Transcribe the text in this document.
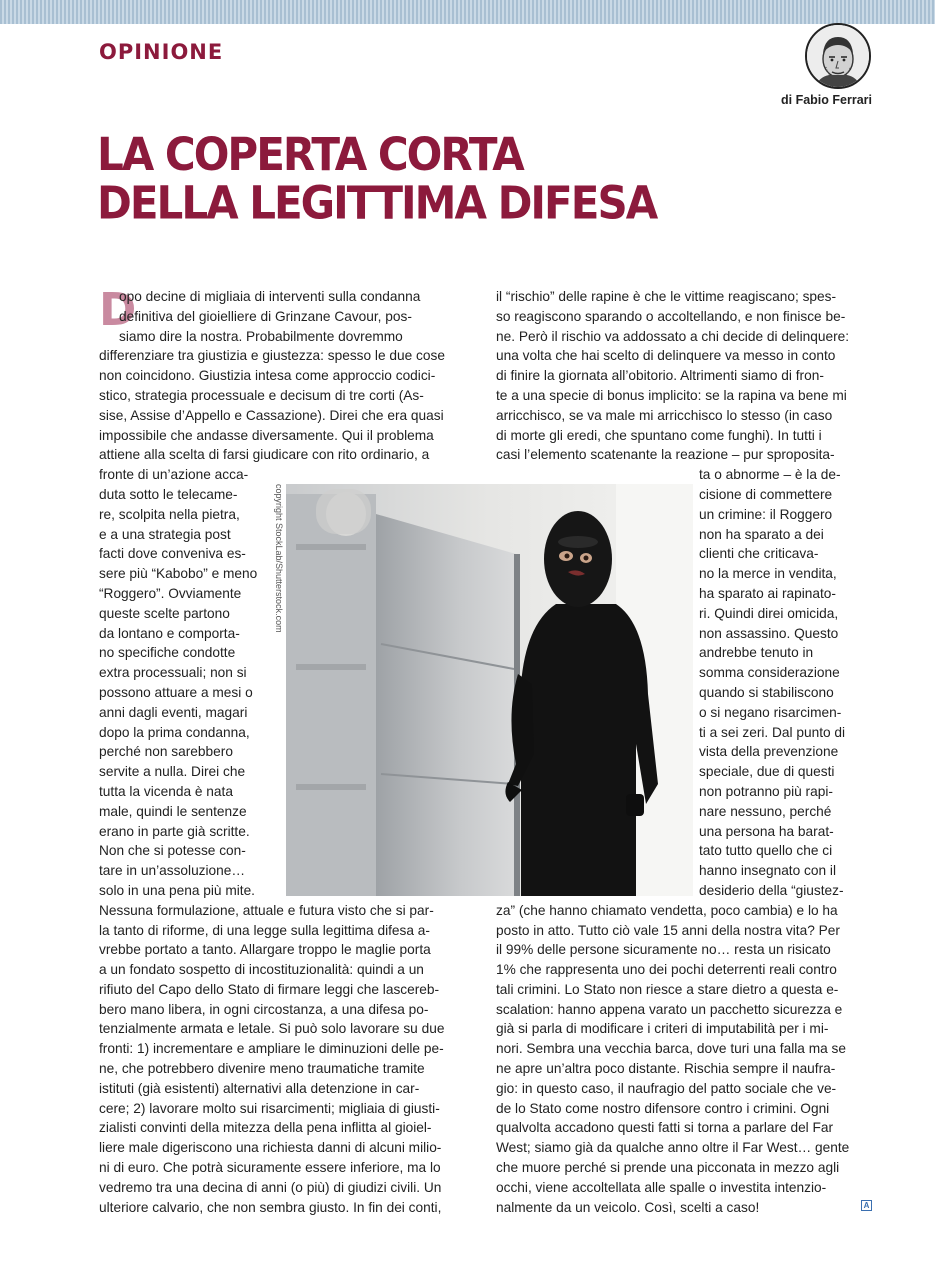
OPINIONE
di Fabio Ferrari
LA COPERTA CORTA
DELLA LEGITTIMA DIFESA
D
opo decine di migliaia di interventi sulla condanna
definitiva del gioielliere di Grinzane Cavour, pos-
siamo dire la nostra. Probabilmente dovremmo
differenziare tra giustizia e giustezza: spesso le due cose
non coincidono. Giustizia intesa come approccio codici-
stico, strategia processuale e decisum di tre corti (As-
sise, Assise d’Appello e Cassazione). Direi che era quasi
impossibile che andasse diversamente. Qui il problema
attiene alla scelta di farsi giudicare con rito ordinario, a
fronte di un’azione acca-
duta sotto le telecame-
re, scolpita nella pietra,
e a una strategia post
facti dove conveniva es-
sere più “Kabobo” e meno
“Roggero”. Ovviamente
queste scelte partono
da lontano e comporta-
no specifiche condotte
extra processuali; non si
possono attuare a mesi o
anni dagli eventi, magari
dopo la prima condanna,
perché non sarebbero
servite a nulla. Direi che
tutta la vicenda è nata
male, quindi le sentenze
erano in parte già scritte.
Non che si potesse con-
tare in un’assoluzione…
solo in una pena più mite.
Nessuna formulazione, attuale e futura visto che si par-
la tanto di riforme, di una legge sulla legittima difesa a-
vrebbe portato a tanto. Allargare troppo le maglie porta
a un fondato sospetto di incostituzionalità: quindi a un
rifiuto del Capo dello Stato di firmare leggi che lascereb-
bero mano libera, in ogni circostanza, a una difesa po-
tenzialmente armata e letale. Si può solo lavorare su due
fronti: 1) incrementare e ampliare le diminuzioni delle pe-
ne, che potrebbero divenire meno traumatiche tramite
istituti (già esistenti) alternativi alla detenzione in car-
cere; 2) lavorare molto sui risarcimenti; migliaia di giusti-
zialisti convinti della mitezza della pena inflitta al gioiel-
liere male digeriscono una richiesta danni di alcuni milio-
ni di euro. Che potrà sicuramente essere inferiore, ma lo
vedremo tra una decina di anni (o più) di giudizi civili. Un
ulteriore calvario, che non sembra giusto. In fin dei conti,
il “rischio” delle rapine è che le vittime reagiscano; spes-
so reagiscono sparando o accoltellando, e non finisce be-
ne. Però il rischio va addossato a chi decide di delinquere:
una volta che hai scelto di delinquere va messo in conto
di finire la giornata all’obitorio. Altrimenti siamo di fron-
te a una specie di bonus implicito: se la rapina va bene mi
arricchisco, se va male mi arricchisco lo stesso (in caso
di morte gli eredi, che spuntano come funghi). In tutti i
casi l’elemento scatenante la reazione – pur sproposita-
ta o abnorme – è la de-
cisione di commettere
un crimine: il Roggero
non ha sparato a dei
clienti che criticava-
no la merce in vendita,
ha sparato ai rapinato-
ri. Quindi direi omicida,
non assassino. Questo
andrebbe tenuto in
somma considerazione
quando si stabiliscono
o si negano risarcimen-
ti a sei zeri. Dal punto di
vista della prevenzione
speciale, due di questi
non potranno più rapi-
nare nessuno, perché
una persona ha barat-
tato tutto quello che ci
hanno insegnato con il
desiderio della “giustez-
za” (che hanno chiamato vendetta, poco cambia) e lo ha
posto in atto. Tutto ciò vale 15 anni della nostra vita? Per
il 99% delle persone sicuramente no… resta un risicato
1% che rappresenta uno dei pochi deterrenti reali contro
tali crimini. Lo Stato non riesce a stare dietro a questa e-
scalation: hanno appena varato un pacchetto sicurezza e
già si parla di modificare i criteri di imputabilità per i mi-
nori. Sembra una vecchia barca, dove turi una falla ma se
ne apre un’altra poco distante. Rischia sempre il naufra-
gio: in questo caso, il naufragio del patto sociale che ve-
de lo Stato come nostro difensore contro i crimini. Ogni
qualvolta accadono questi fatti si torna a parlare del Far
West; siamo già da qualche anno oltre il Far West… gente
che muore perché si prende una picconata in mezzo agli
occhi, viene accoltellata alle spalle o investita intenzio-
nalmente da un veicolo. Così, scelti a caso!
copyright StockLab/Shutterstock.com
A
